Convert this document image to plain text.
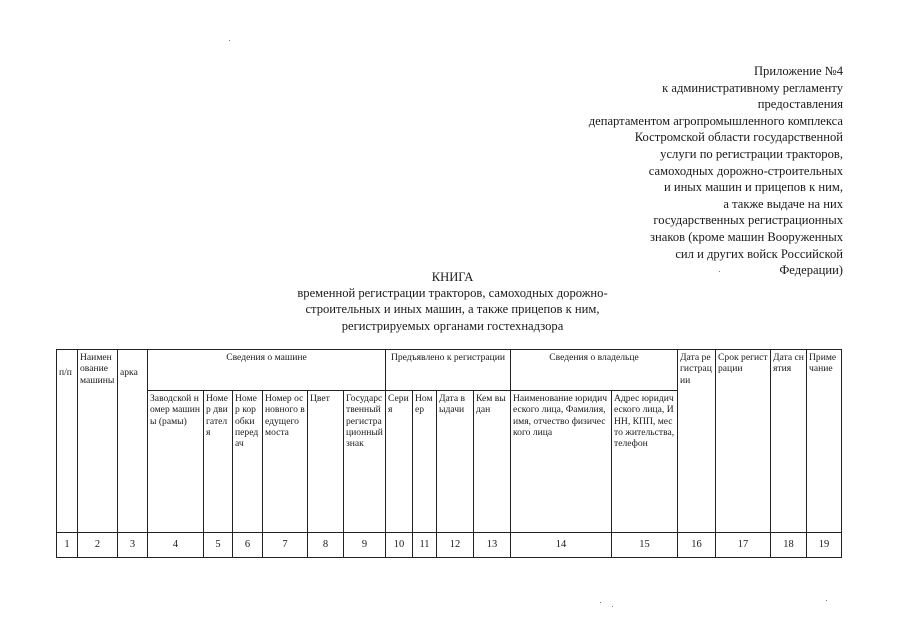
Приложение №4
к административному регламенту
предоставления
департаментом агропромышленного комплекса
Костромской области государственной
услуги по регистрации тракторов,
самоходных дорожно-строительных
и иных машин и прицепов к ним,
а также выдаче на них
государственных регистрационных
знаков (кроме машин Вооруженных
сил и других войск Российской
Федерации)
КНИГА
временной регистрации тракторов, самоходных дорожно-
строительных и иных машин, а также прицепов к ним,
регистрируемых органами гостехнадзора
п/п	Наименование машины	арка	Сведения о машине						Предъявлено к регистрации				Сведения о владельце		Дата регистрации	Срок регистрации	Дата снятия	Примечание
			Заводской номер машины (рамы)	Номер двигателя	Номер коробки передач	Номер основного ведущего моста	Цвет	Государственный регистрационный знак	Серия	Номер	Дата выдачи	Кем выдан	Наименование юридического лица, Фамилия, имя, отчество физического лица	Адрес юридического лица, ИНН, КПП, место жительства, телефон				
1	2	3	4	5	6	7	8	9	10	11	12	13	14	15	16	17	18	19
